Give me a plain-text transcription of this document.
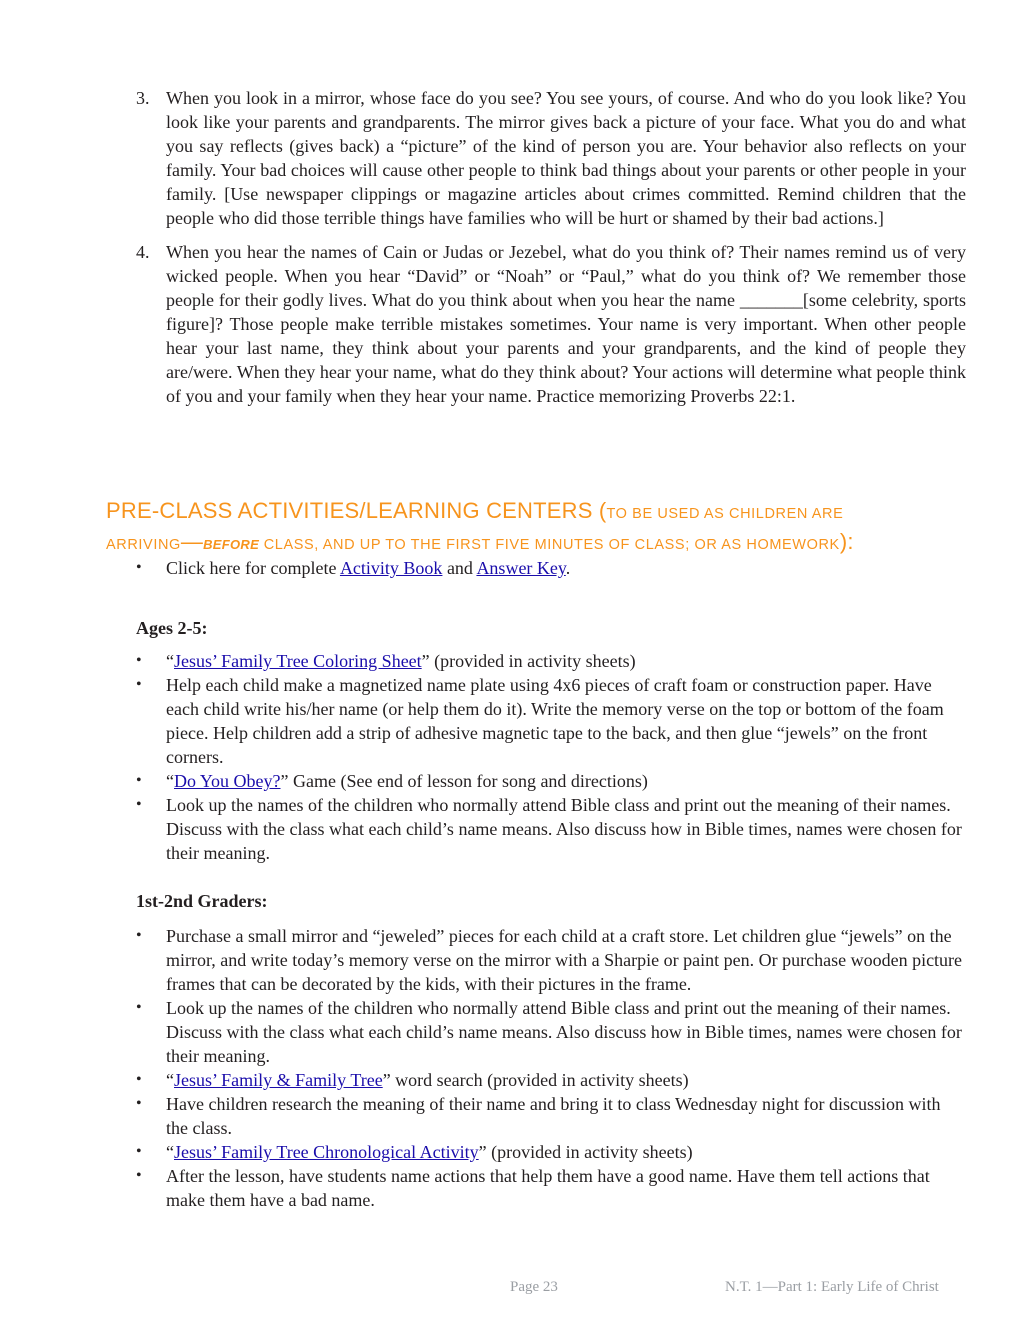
3. When you look in a mirror, whose face do you see? You see yours, of course. And who do you look like? You look like your parents and grandparents. The mirror gives back a picture of your face. What you do and what you say reflects (gives back) a “picture” of the kind of person you are. Your behavior also reflects on your family. Your bad choices will cause other people to think bad things about your parents or other people in your family. [Use newspaper clippings or magazine articles about crimes committed. Remind children that the people who did those terrible things have families who will be hurt or shamed by their bad actions.]
4. When you hear the names of Cain or Judas or Jezebel, what do you think of? Their names remind us of very wicked people. When you hear “David” or “Noah” or “Paul,” what do you think of? We remember those people for their godly lives. What do you think about when you hear the name _______[some celebrity, sports figure]? Those people make terrible mistakes sometimes. Your name is very important. When other people hear your last name, they think about your parents and your grandparents, and the kind of people they are/were. When they hear your name, what do they think about? Your actions will determine what people think of you and your family when they hear your name. Practice memorizing Proverbs 22:1.
PRE-CLASS ACTIVITIES/LEARNING CENTERS (TO BE USED AS CHILDREN ARE
ARRIVING—BEFORE CLASS, AND UP TO THE FIRST FIVE MINUTES OF CLASS; OR AS HOMEWORK):
• Click here for complete Activity Book and Answer Key.
Ages 2-5:
• “Jesus’ Family Tree Coloring Sheet” (provided in activity sheets)
• Help each child make a magnetized name plate using 4x6 pieces of craft foam or construction paper. Have each child write his/her name (or help them do it). Write the memory verse on the top or bottom of the foam piece. Help children add a strip of adhesive magnetic tape to the back, and then glue “jewels” on the front corners.
• “Do You Obey?” Game (See end of lesson for song and directions)
• Look up the names of the children who normally attend Bible class and print out the meaning of their names. Discuss with the class what each child’s name means. Also discuss how in Bible times, names were chosen for their meaning.
1st-2nd Graders:
• Purchase a small mirror and “jeweled” pieces for each child at a craft store. Let children glue “jewels” on the mirror, and write today’s memory verse on the mirror with a Sharpie or paint pen. Or purchase wooden picture frames that can be decorated by the kids, with their pictures in the frame.
• Look up the names of the children who normally attend Bible class and print out the meaning of their names. Discuss with the class what each child’s name means. Also discuss how in Bible times, names were chosen for their meaning.
• “Jesus’ Family & Family Tree” word search (provided in activity sheets)
• Have children research the meaning of their name and bring it to class Wednesday night for discussion with the class.
• “Jesus’ Family Tree Chronological Activity” (provided in activity sheets)
• After the lesson, have students name actions that help them have a good name. Have them tell actions that make them have a bad name.
Page 23	N.T. 1—Part 1: Early Life of Christ
